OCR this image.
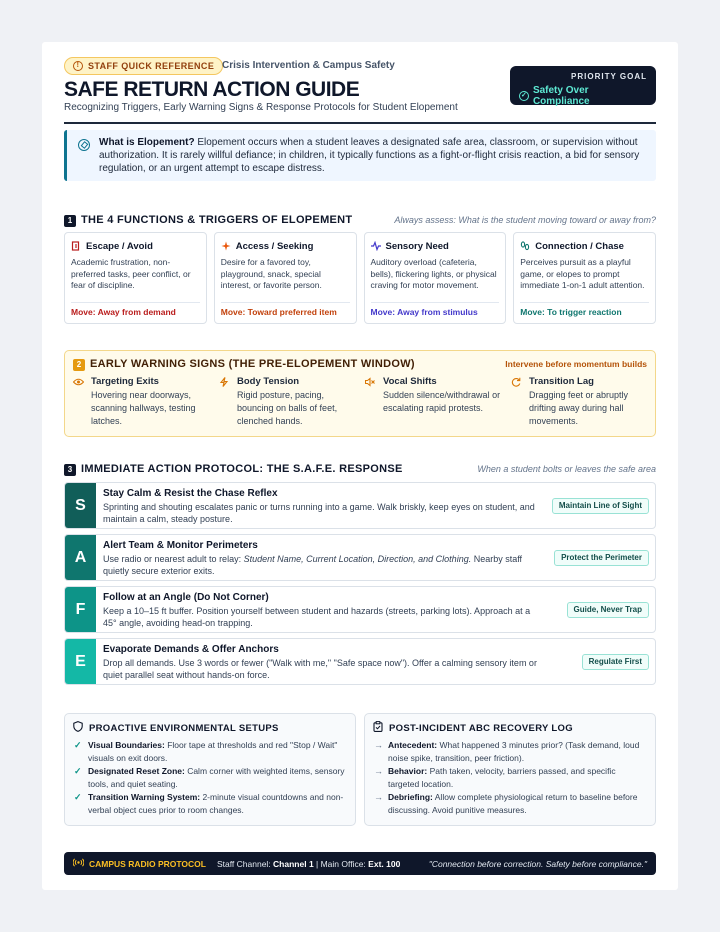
! STAFF QUICK REFERENCE Crisis Intervention & Campus Safety
SAFE RETURN ACTION GUIDE
Recognizing Triggers, Early Warning Signs & Response Protocols for Student Elopement
PRIORITY GOAL
✓ Safety Over Compliance
What is Elopement? Elopement occurs when a student leaves a designated safe area, classroom, or supervision without authorization. It is rarely willful defiance; in children, it typically functions as a fight-or-flight crisis reaction, a bid for sensory regulation, or an urgent attempt to escape distress.
1 THE 4 FUNCTIONS & TRIGGERS OF ELOPEMENT	Always assess: What is the student moving toward or away from?
Escape / Avoid
Academic frustration, non-preferred tasks, peer conflict, or fear of discipline.
Move: Away from demand
Access / Seeking
Desire for a favored toy, playground, snack, special interest, or favorite person.
Move: Toward preferred item
Sensory Need
Auditory overload (cafeteria, bells), flickering lights, or physical craving for motor movement.
Move: Away from stimulus
Connection / Chase
Perceives pursuit as a playful game, or elopes to prompt immediate 1-on-1 adult attention.
Move: To trigger reaction
2 EARLY WARNING SIGNS (THE PRE-ELOPEMENT WINDOW)	Intervene before momentum builds
Targeting Exits
Hovering near doorways, scanning hallways, testing latches.
Body Tension
Rigid posture, pacing, bouncing on balls of feet, clenched hands.
Vocal Shifts
Sudden silence/withdrawal or escalating rapid protests.
Transition Lag
Dragging feet or abruptly drifting away during hall movements.
3 IMMEDIATE ACTION PROTOCOL: THE S.A.F.E. RESPONSE	When a student bolts or leaves the safe area
S
Stay Calm & Resist the Chase Reflex
Sprinting and shouting escalates panic or turns running into a game. Walk briskly, keep eyes on student, and maintain a calm, steady posture.
Maintain Line of Sight
A
Alert Team & Monitor Perimeters
Use radio or nearest adult to relay: Student Name, Current Location, Direction, and Clothing. Nearby staff quietly secure exterior exits.
Protect the Perimeter
F
Follow at an Angle (Do Not Corner)
Keep a 10–15 ft buffer. Position yourself between student and hazards (streets, parking lots). Approach at a 45° angle, avoiding head-on trapping.
Guide, Never Trap
E
Evaporate Demands & Offer Anchors
Drop all demands. Use 3 words or fewer ("Walk with me," "Safe space now"). Offer a calming sensory item or quiet parallel seat without hands-on force.
Regulate First
PROACTIVE ENVIRONMENTAL SETUPS
✓ Visual Boundaries: Floor tape at thresholds and red "Stop / Wait" visuals on exit doors.
✓ Designated Reset Zone: Calm corner with weighted items, sensory tools, and quiet seating.
✓ Transition Warning System: 2-minute visual countdowns and non-verbal object cues prior to room changes.
POST-INCIDENT ABC RECOVERY LOG
→ Antecedent: What happened 3 minutes prior? (Task demand, loud noise spike, transition, peer friction).
→ Behavior: Path taken, velocity, barriers passed, and specific targeted location.
→ Debriefing: Allow complete physiological return to baseline before discussing. Avoid punitive measures.
CAMPUS RADIO PROTOCOL Staff Channel: Channel 1 | Main Office: Ext. 100	"Connection before correction. Safety before compliance."
